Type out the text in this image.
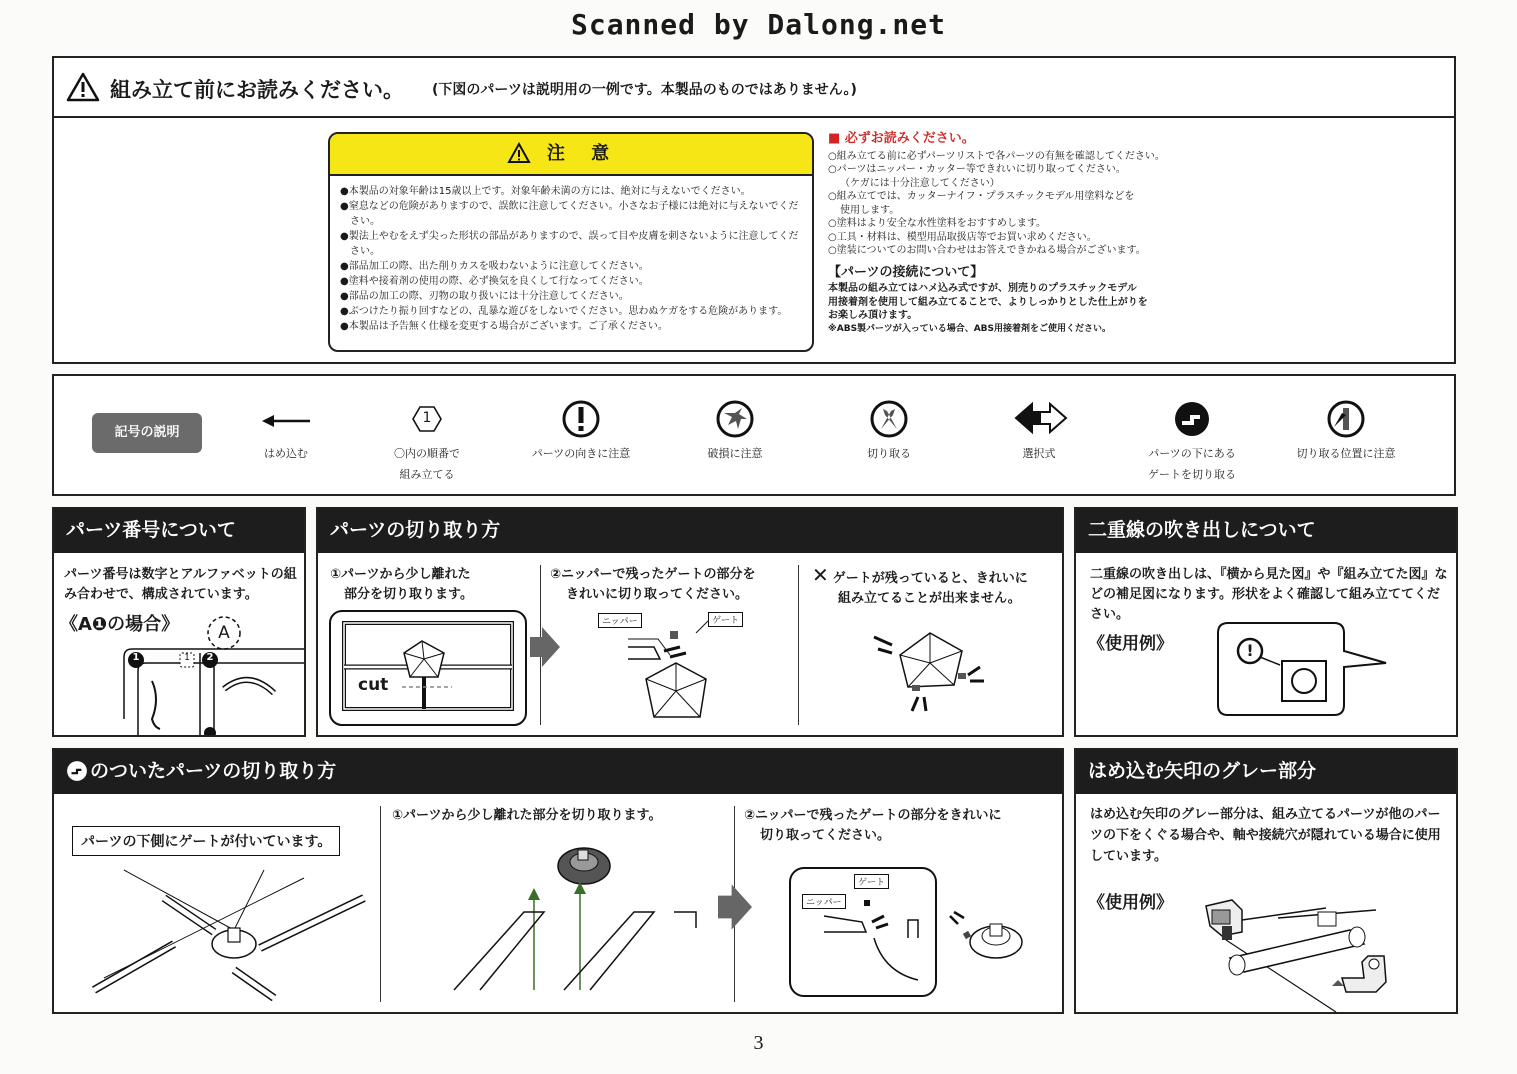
Scanned by Dalong.net
組み立て前にお読みください。 (下図のパーツは説明用の一例です。本製品のものではありません。)
注 意
●本製品の対象年齢は15歳以上です。対象年齢未満の方には、絶対に与えないでください。
●窒息などの危険がありますので、誤飲に注意してください。小さなお子様には絶対に与えないでください。
●製法上やむをえず尖った形状の部品がありますので、誤って目や皮膚を刺さないように注意してください。
●部品加工の際、出た削りカスを吸わないように注意してください。
●塗料や接着剤の使用の際、必ず換気を良くして行なってください。
●部品の加工の際、刃物の取り扱いには十分注意してください。
●ぶつけたり振り回すなどの、乱暴な遊びをしないでください。思わぬケガをする危険があります。
●本製品は予告無く仕様を変更する場合がございます。ご了承ください。
■ 必ずお読みください。
○組み立てる前に必ずパーツリストで各パーツの有無を確認してください。
○パーツはニッパー・カッター等できれいに切り取ってください。
（ケガには十分注意してください）
○組み立てでは、カッターナイフ・プラスチックモデル用塗料などを
使用します。
○塗料はより安全な水性塗料をおすすめします。
○工具・材料は、模型用品取扱店等でお買い求めください。
○塗装についてのお問い合わせはお答えできかねる場合がございます。
【パーツの接続について】
本製品の組み立てはハメ込み式ですが、別売りのプラスチックモデル
用接着剤を使用して組み立てることで、よりしっかりとした仕上がりを
お楽しみ頂けます。
※ABS製パーツが入っている場合、ABS用接着剤をご使用ください。
記号の説明
1
はめ込む	〇内の順番で
組み立てる
パーツの向きに注意	破損に注意	切り取る	選択式	パーツの下にある
ゲートを切り取る
切り取る位置に注意
パーツ番号について
パーツ番号は数字とアルファベットの組み合わせで、構成されています。
《A❶の場合》 A
1	1	2
パーツの切り取り方
①パーツから少し離れた
部分を切り取ります。
②ニッパーで残ったゲートの部分を
きれいに切り取ってください。
✕ ゲートが残っていると、きれいに
組み立てることが出来ません。
cut
ニッパー	ゲート
二重線の吹き出しについて
二重線の吹き出しは、『横から見た図』や『組み立てた図』などの補足図になります。形状をよく確認して組み立ててください。
《使用例》	!
のついたパーツの切り取り方
パーツの下側にゲートが付いています。
①パーツから少し離れた部分を切り取ります。	②ニッパーで残ったゲートの部分をきれいに
切り取ってください。
ニッパー
ゲート
はめ込む矢印のグレー部分
はめ込む矢印のグレー部分は、組み立てるパーツが他のパーツの下をくぐる場合や、軸や接続穴が隠れている場合に使用しています。
《使用例》
3
